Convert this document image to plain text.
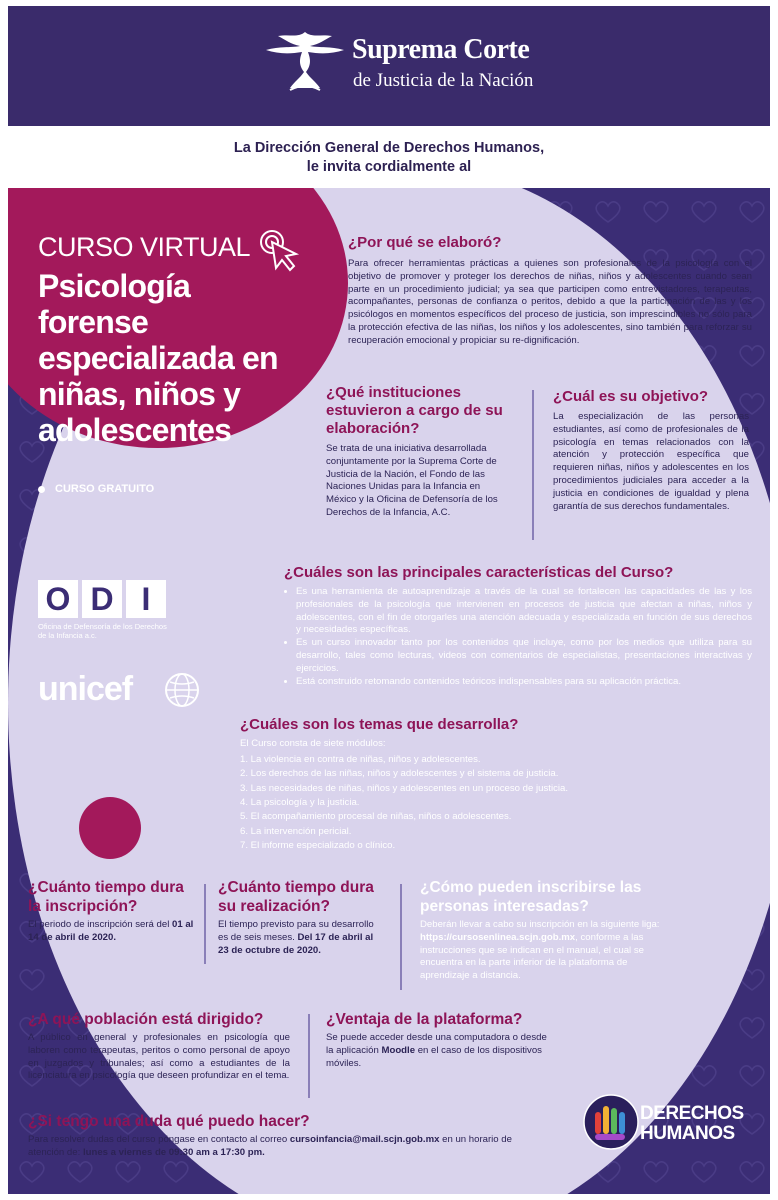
Suprema Corte
de Justicia de la Nación
La Dirección General de Derechos Humanos,
le invita cordialmente al
CURSO VIRTUAL
Psicología forense especializada en niñas, niños y adolescentes
CURSO GRATUITO
¿Por qué se elaboró?
Para ofrecer herramientas prácticas a quienes son profesionales de la psicología con el objetivo de promover y proteger los derechos de niñas, niños y adolescentes cuando sean parte en un procedimiento judicial; ya sea que participen como entrevistadores, terapeutas, acompañantes, personas de confianza o peritos, debido a que la participación de las y los psicólogos en momentos específicos del proceso de justicia, son imprescindibles no sólo para la protección efectiva de las niñas, los niños y los adolescentes, sino también para reforzar su recuperación emocional y propiciar su re-dignificación.
¿Qué instituciones estuvieron a cargo de su elaboración?
Se trata de una iniciativa desarrollada conjuntamente por la Suprema Corte de Justicia de la Nación, el Fondo de las Naciones Unidas para la Infancia en México y la Oficina de Defensoría de los Derechos de la Infancia, A.C.
¿Cuál es su objetivo?
La especialización de las personas estudiantes, así como de profesionales de la psicología en temas relacionados con la atención y protección específica que requieren niñas, niños y adolescentes en los procedimientos judiciales para acceder a la justicia en condiciones de igualdad y plena garantía de sus derechos fundamentales.
¿Cuáles son las principales características del Curso?
• Es una herramienta de autoaprendizaje a través de la cual se fortalecen las capacidades de las y los profesionales de la psicología que intervienen en procesos de justicia que afectan a niñas, niños y adolescentes, con el fin de otorgarles una atención adecuada y especializada en función de sus derechos y necesidades específicas.
• Es un curso innovador tanto por los contenidos que incluye, como por los medios que utiliza para su desarrollo, tales como lecturas, videos con comentarios de especialistas, presentaciones interactivas y ejercicios.
• Está construido retomando contenidos teóricos indispensables para su aplicación práctica.
O D I
Oficina de Defensoría de los Derechos de la Infancia a.c.
unicef
¿Cuáles son los temas que desarrolla?
El Curso consta de siete módulos:
1. La violencia en contra de niñas, niños y adolescentes.
2. Los derechos de las niñas, niños y adolescentes y el sistema de justicia.
3. Las necesidades de niñas, niños y adolescentes en un proceso de justicia.
4. La psicología y la justicia.
5. El acompañamiento procesal de niñas, niños o adolescentes.
6. La intervención pericial.
7. El informe especializado o clínico.
¿Cuánto tiempo dura la inscripción?
El periodo de inscripción será del 01 al 14 de abril de 2020.
¿Cuánto tiempo dura su realización?
El tiempo previsto para su desarrollo es de seis meses. Del 17 de abril al 23 de octubre de 2020.
¿Cómo pueden inscribirse las personas interesadas?
Deberán llevar a cabo su inscripción en la siguiente liga: https://cursosenlinea.scjn.gob.mx, conforme a las instrucciones que se indican en el manual, el cual se encuentra en la parte inferior de la plataforma de aprendizaje a distancia.
¿A qué población está dirigido?
A público en general y profesionales en psicología que laboren como terapeutas, peritos o como personal de apoyo en juzgados y tribunales; así como a estudiantes de la licenciatura en psicología que deseen profundizar en el tema.
¿Ventaja de la plataforma?
Se puede acceder desde una computadora o desde la aplicación Moodle en el caso de los dispositivos móviles.
¿Si tengo una duda qué puedo hacer?
Para resolver dudas del curso póngase en contacto al correo cursoinfancia@mail.scjn.gob.mx en un horario de atención de: lunes a viernes de 09:30 am a 17:30 pm.
DERECHOS
HUMANOS
